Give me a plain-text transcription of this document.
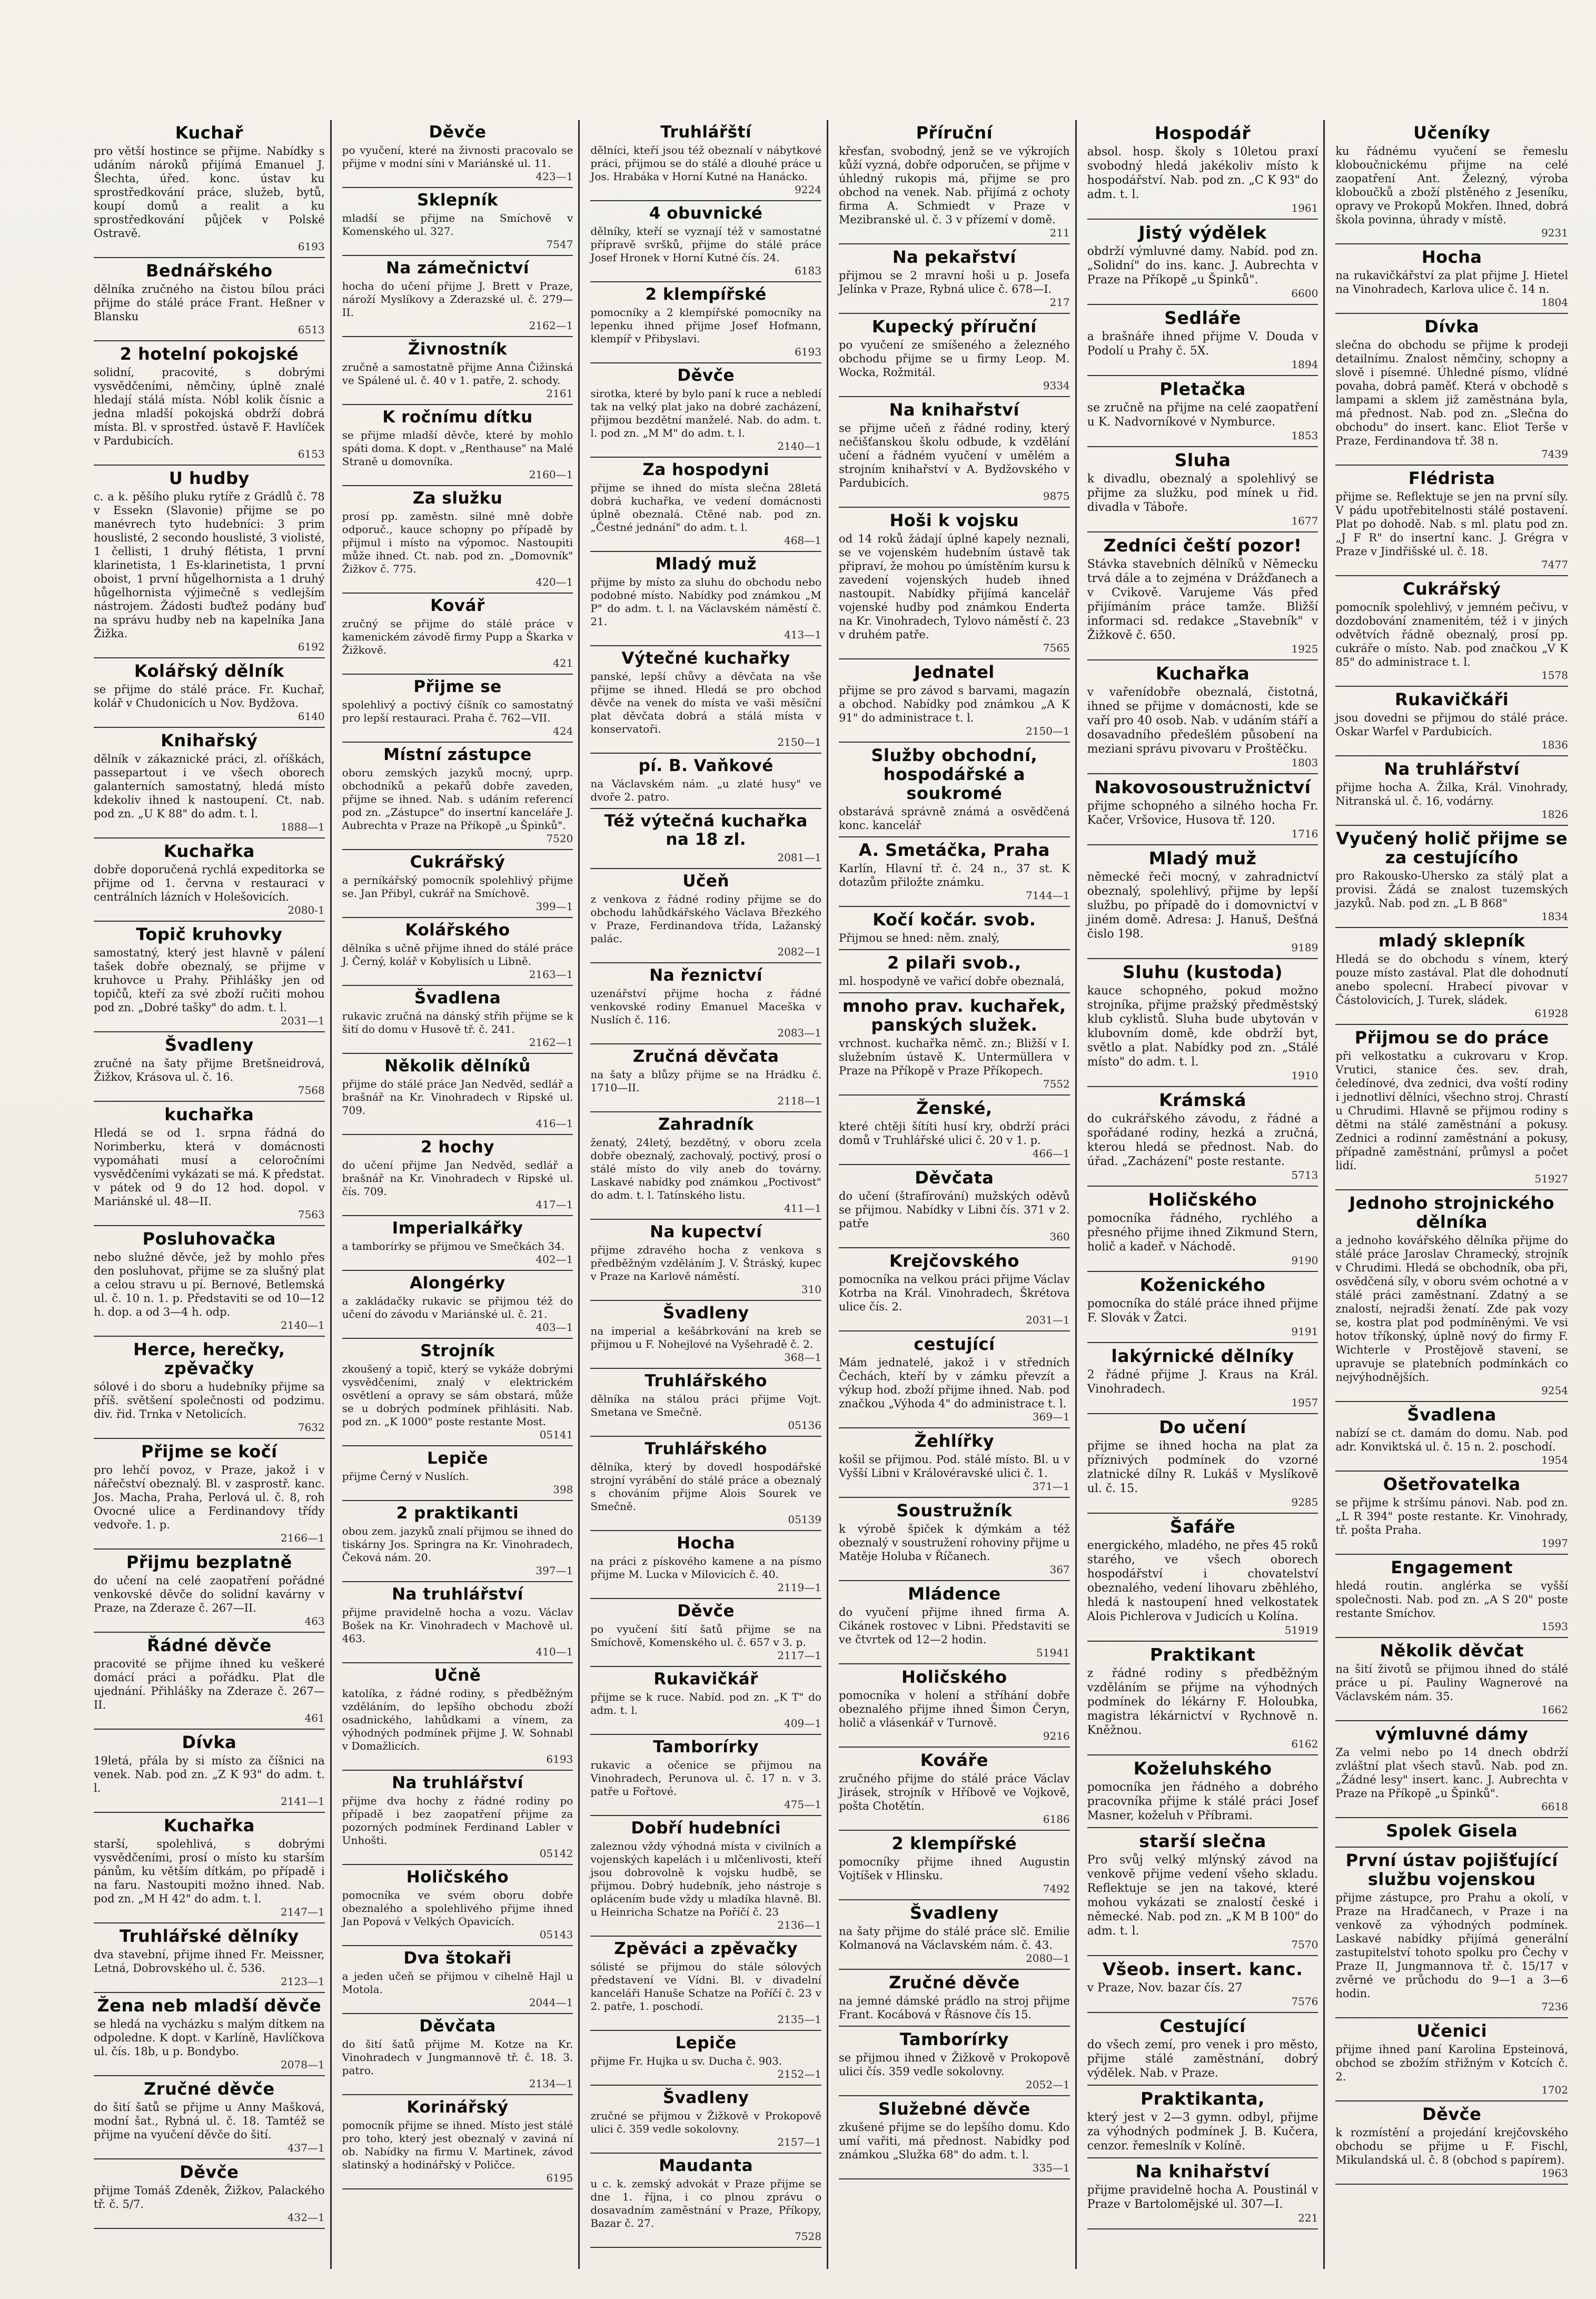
Kuchař

pro větší hostince se přijme. Nabídky s udáním nároků přijímá Emanuel J. Šlechta, úřed. konc. ústav ku sprostředkování práce, služeb, bytů, koupí domů a realit a ku sprostředkování půjček v Polské Ostravě.

6193
Bednářského

dělníka zručného na čistou bílou práci přijme do stálé práce Frant. Heßner v Blansku

6513
2 hotelní pokojské

solidní, pracovité, s dobrými vysvědčeními, němčiny, úplně znalé hledají stálá místa. Nóbl kolik čísnic a jedna mladší pokojská obdrží dobrá místa. Bl. v sprostřed. ústavě F. Havlíček v Pardubicích.

6153
U hudby

c. a k. pěšího pluku rytíře z Grádlů č. 78 v Essekn (Slavonie) přijme se po manévrech tyto hudebníci: 3 prim houslisté, 2 secondo houslisté, 3 violisté, 1 čellisti, 1 druhý flétista, 1 první klarinetista, 1 Es-klarinetista, 1 první oboist, 1 první hůgelhornista a 1 druhý hůgelhornista výjimečně s vedlejším nástrojem. Žádosti buďtež podány buď na správu hudby neb na kapelníka Jana Žižka.

6192
Kolářský dělník

se přijme do stálé práce. Fr. Kuchař, kolář v Chudonicích u Nov. Bydžova.

6140
Knihařský

dělník v zákaznické práci, zl. oříškách, passepartout i ve všech oborech galanterních samostatný, hledá místo kdekoliv ihned k nastoupení. Ct. nab. pod zn. „U K 88" do adm. t. l.

1888—1
Kuchařka

dobře doporučená rychlá expeditorka se přijme od 1. června v restauraci v centrálních lázních v Holešovicích.

2080-1
Topič kruhovky

samostatný, který jest hlavně v pálení tašek dobře obeznalý, se přijme v kruhovce u Prahy. Přihlášky jen od topičů, kteří za své zboží ručiti mohou pod zn. „Dobré tašky" do adm. t. l.

2031—1
Švadleny

zručné na šaty přijme Bretšneidrová, Žižkov, Krásova ul. č. 16.

7568
kuchařka

Hledá se od 1. srpna řádná do Norimberku, která v domácnosti vypomáhati musí a celoročními vysvědčeními vykázati se má. K předstat. v pátek od 9 do 12 hod. dopol. v Mariánské ul. 48—II.

7563
Posluhovačka

nebo služné děvče, jež by mohlo přes den posluhovat, přijme se za slušný plat a celou stravu u pí. Bernové, Betlemská ul. č. 10 n. 1. p. Představiti se od 10—12 h. dop. a od 3—4 h. odp.

2140—1
Herce, herečky, zpěvačky

sólové i do sboru a hudebníky přijme sa příš. světšení společnosti od podzimu. div. řid. Trnka v Netolicích.

7632
Přijme se kočí

pro lehčí povoz, v Praze, jakož i v nářečství obeznalý. Bl. v zasprostř. kanc. Jos. Macha, Praha, Perlová ul. č. 8, roh Ovocné ulice a Ferdinandovy třídy vedvoře. 1. p.

2166—1
Přijmu bezplatně

do učení na celé zaopatření pořádné venkovské děvče do solidní kavárny v Praze, na Zderaze č. 267—II.

463
Řádné děvče

pracovité se přijme ihned ku veškeré domácí práci a pořádku. Plat dle ujednání. Přihlášky na Zderaze č. 267—II.

461
Dívka

19letá, přála by si místo za číšnici na venek. Nab. pod zn. „Z K 93" do adm. t. l.

2141—1
Kuchařka

starší, spolehlivá, s dobrými vysvědčeními, prosí o místo ku starším pánům, ku větším dítkám, po případě i na faru. Nastoupiti možno ihned. Nab. pod zn. „M H 42" do adm. t. l.

2147—1
Truhlářské dělníky

dva stavební, přijme ihned Fr. Meissner, Letná, Dobrovského ul. č. 536.

2123—1
Žena neb mladší děvče

se hledá na vycházku s malým dítkem na odpoledne. K dopt. v Karlíně, Havlíčkova ul. čís. 18b, u p. Bondybo.

2078—1
Zručné děvče

do šití šatů se přijme u Anny Mašková, modní šat., Rybná ul. č. 18. Tamtéž se přijme na vyučení děvče do šití.

437—1
Děvče

přijme Tomáš Zdeněk, Žižkov, Palackého tř. č. 5/7.

432—1
Děvče

po vyučení, které na živnosti pracovalo se přijme v modní síni v Mariánské ul. 11.

423—1
Sklepník

mladší se přijme na Smíchově v Komenského ul. 327.

7547
Na zámečnictví

hocha do učení přijme J. Brett v Praze, nároží Myslíkovy a Zderazské ul. č. 279—II.

2162—1
Živnostník

zručně a samostatně přijme Anna Čižinská ve Spálené ul. č. 40 v 1. patře, 2. schody.

2161
K ročnímu dítku

se přijme mladší děvče, které by mohlo spáti doma. K dopt. v „Renthause" na Malé Straně u domovníka.

2160—1
Za služku

prosí pp. zaměstn. silné mně dobře odporuč., kauce schopny po případě by přijmul i místo na výpomoc. Nastoupiti může ihned. Ct. nab. pod zn. „Domovník" Žižkov č. 775.

420—1
Kovář

zručný se přijme do stálé práce v kamenickém závodě firmy Pupp a Škarka v Žižkově.

421
Přijme se

spolehlivý a poctivý číšník co samostatný pro lepší restauraci. Praha č. 762—VII.

424
Místní zástupce

oboru zemských jazyků mocný, uprp. obchodníků a pekařů dobře zaveden, přijme se ihned. Nab. s udáním referencí pod zn. „Zástupce" do insertní kanceláře J. Aubrechta v Praze na Příkopě „u Špinků".

7520
Cukrářský

a perníkářský pomocník spolehlivý přijme se. Jan Přibyl, cukrář na Smíchově.

399—1
Kolářského

dělníka s učně přijme ihned do stálé práce J. Černý, kolář v Kobylisích u Libně.

2163—1
Švadlena

rukavic zručná na dánský střih přijme se k šití do domu v Husově tř. č. 241.

2162—1
Několik dělníků

přijme do stálé práce Jan Nedvěd, sedlář a brašnář na Kr. Vinohradech v Ripské ul. 709.

416—1
2 hochy

do učení přijme Jan Nedvěd, sedlář a brašnář na Kr. Vinohradech v Ripské ul. čís. 709.

417—1
Imperialkářky

a tamborírky se přijmou ve Smečkách 34.

402—1
Alongérky

a zakládačky rukavic se přijmou též do učení do závodu v Mariánské ul. č. 21.

403—1
Strojník

zkoušený a topič, který se vykáže dobrými vysvědčeními, znalý v elektrickém osvětlení a opravy se sám obstará, může se u dobrých podmínek přihlásiti. Nab. pod zn. „K 1000" poste restante Most.

05141
Lepiče

přijme Černý v Nuslích.

398
2 praktikanti

obou zem. jazyků znalí přijmou se ihned do tiskárny Jos. Springra na Kr. Vinohradech, Čeková nám. 20.

397—1
Na truhlářství

přijme pravidelně hocha a vozu. Václav Bošek na Kr. Vinohradech v Machově ul. 463.

410—1
Učně

katolíka, z řádné rodiny, s předběžným vzděláním, do lepšího obchodu zboží osadnického, lahůdkami a vínem, za výhodných podmínek přijme J. W. Sohnabl v Domažlicích.

6193
Na truhlářství

přijme dva hochy z řádné rodiny po případě i bez zaopatření přijme za pozorných podmínek Ferdinand Labler v Unhošti.

05142
Holičského

pomocníka ve svém oboru dobře obeznalého a spolehlivého přijme ihned Jan Popová v Velkých Opavicích.

05143
Dva štokaři

a jeden učeň se přijmou v cihelně Hajl u Motola.

2044—1
Děvčata

do šití šatů přijme M. Kotze na Kr. Vinohradech v Jungmannově tř. č. 18. 3. patro.

2134—1
Korinářský

pomocník přijme se ihned. Místo jest stálé pro toho, který jest obeznalý v zaviná ní ob. Nabídky na firmu V. Martinek, závod slatinský a hodinářský v Poličce.

6195
Truhlářští

dělníci, kteří jsou též obeznalí v nábytkové práci, přijmou se do stálé a dlouhé práce u Jos. Hrabáka v Horní Kutné na Hanácko.

9224
4 obuvnické

dělníky, kteří se vyznají též v samostatné přípravě svršků, přijme do stálé práce Josef Hronek v Horní Kutné čís. 24.

6183
2 klempířské

pomocníky a 2 klempířské pomocníky na lepenku ihned přijme Josef Hofmann, klempíř v Přibyslavi.

6193
Děvče

sirotka, které by bylo paní k ruce a nebledí tak na velký plat jako na dobré zacházení, přijmou bezdětní manželé. Nab. do adm. t. l. pod zn. „M M" do adm. t. l.

2140—1
Za hospodyni

přijme se ihned do místa slečna 28letá dobrá kuchařka, ve vedení domácnosti úplně obeznalá. Ctěné nab. pod zn. „Čestné jednání" do adm. t. l.

468—1
Mladý muž

přijme by místo za sluhu do obchodu nebo podobné místo. Nabídky pod známkou „M P" do adm. t. l. na Václavském náměstí č. 21.

413—1
Výtečné kuchařky

panské, lepší chůvy a děvčata na vše přijme se ihned. Hledá se pro obchod děvče na venek do místa ve vaši měsíční plat děvčata dobrá a stálá místa v konservatoři.

2150—1
pí. B. Vaňkové

na Václavském nám. „u zlaté husy" ve dvoře 2. patro.

Též výtečná kuchařka na 18 zl.

2081—1
Učeň

z venkova z řádné rodiny přijme se do obchodu lahůdkářského Václava Březkého v Praze, Ferdinandova třída, Lažanský palác.

2082—1
Na řeznictví

uzenářství přijme hocha z řádné venkovské rodiny Emanuel Maceška v Nuslích č. 116.

2083—1
Zručná děvčata

na šaty a blůzy přijme se na Hrádku č. 1710—II.

2118—1
Zahradník

ženatý, 24letý, bezdětný, v oboru zcela dobře obeznalý, zachovalý, poctivý, prosí o stálé místo do vily aneb do továrny. Laskavé nabídky pod známkou „Poctivost" do adm. t. l. Tatínského listu.

411—1
Na kupectví

přijme zdravého hocha z venkova s předběžným vzděláním J. V. Štráský, kupec v Praze na Karlově náměstí.

310
Švadleny

na imperial a kešábrkování na kreb se přijmou u F. Nohejlové na Vyšehradě č. 2.

368—1
Truhlářského

dělníka na stálou práci přijme Vojt. Smetana ve Smečně.

05136
Truhlářského

dělníka, který by dovedl hospodářské strojní vyrábění do stálé práce a obeznalý s chováním přijme Alois Sourek ve Smečně.

05139
Hocha

na práci z pískového kamene a na písmo přijme M. Lucka v Milovicích č. 40.

2119—1
Děvče

po vyučení šití šatů přijme se na Smíchově, Komenského ul. č. 657 v 3. p.

2117—1
Rukavičkář

přijme se k ruce. Nabíd. pod zn. „K T" do adm. t. l.

409—1
Tamborírky

rukavic a očenice se přijmou na Vinohradech, Perunova ul. č. 17 n. v 3. patře u Fořtové.

475—1
Dobří hudebníci

zaleznou vždy výhodná místa v civilních a vojenských kapelách i u mlčenlivosti, kteří jsou dobrovolně k vojsku hudbě, se přijmou. Dobrý hudebník, jeho nástroje s oplácením bude vždy u mladíka hlavně. Bl. u Heinricha Schatze na Poříčí č. 23

2136—1
Zpěváci a zpěvačky

sólisté se přijmou do stále sólových představení ve Vídni. Bl. v divadelní kanceláři Hanuše Schatze na Poříčí č. 23 v 2. patře, 1. poschodí.

2135—1
Lepiče

přijme Fr. Hujka u sv. Ducha č. 903.

2152—1
Švadleny

zručné se přijmou v Žižkově v Prokopově ulici č. 359 vedle sokolovny.

2157—1
Maudanta

u c. k. zemský advokát v Praze přijme se dne 1. října, i co plnou zprávu o dosavadním zaměstnání v Praze, Příkopy, Bazar č. 27.

7528
Příruční

křesťan, svobodný, jenž se ve výkrojích kůží vyzná, dobře odporučen, se přijme v úhledný rukopis má, přijme se pro obchod na venek. Nab. přijímá z ochoty firma A. Schmiedt v Praze v Mezibranské ul. č. 3 v přízemí v domě.

211
Na pekařství

přijmou se 2 mravní hoši u p. Josefa Jelínka v Praze, Rybná ulice č. 678—I.

217
Kupecký příruční

po vyučení ze smíšeného a železného obchodu přijme se u firmy Leop. M. Wocka, Rožmitál.

9334
Na knihařství

se přijme učeň z řádné rodiny, který nečišťanskou školu odbude, k vzdělání učení a řádném vyučení v umělém a strojním knihařství v A. Bydžovského v Pardubicích.

9875
Hoši k vojsku

od 14 roků žádají úplné kapely neznali, se ve vojenském hudebním ústavě tak připraví, že mohou po úmístěním kursu k zavedení vojenských hudeb ihned nastoupit. Nabídky přijímá kancelář vojenské hudby pod známkou Enderta na Kr. Vinohradech, Tylovo náměstí č. 23 v druhém patře.

7565
Jednatel

přijme se pro závod s barvami, magazín a obchod. Nabídky pod známkou „A K 91" do administrace t. l.

2150—1
Služby obchodní, hospodářské a soukromé

obstarává správně známá a osvědčená konc. kancelář

A. Smetáčka, Praha

Karlín, Hlavní tř. č. 24 n., 37 st. K dotazům přiložte známku.

7144—1
Kočí kočár. svob.

Přijmou se hned: něm. znalý,

2 pilaři svob.,

ml. hospodyně ve vařicí dobře obeznalá,

mnoho prav. kuchařek, panských služek.

vrchnost. kuchařka němč. zn.; Bližší v I. služebním ústavě K. Untermüllera v Praze na Příkopě v Praze Příkopech.

7552
Ženské,

které chtěji šítíti husí kry, obdrží práci domů v Truhlářské ulici č. 20 v 1. p.

466—1
Děvčata

do učení (štrafírování) mužských oděvů se přijmou. Nabídky v Libni čís. 371 v 2. patře

360
Krejčovského

pomocníka na velkou práci přijme Václav Kotrba na Král. Vinohradech, Škrétova ulice čís. 2.

2031—1
cestující

Mám jednatelé, jakož i v středních Čechách, kteří by v zámku převzít a výkup hod. zboží přijme ihned. Nab. pod značkou „Výhoda 4" do administrace t. l.

369—1
Žehlířky

košil se přijmou. Pod. stálé místo. Bl. u v Vyšší Libni v Královéravské ulici č. 1.

371—1
Soustružník

k výrobě špiček k dýmkám a též obeznalý v soustružení rohoviny přijme u Matěje Holuba v Říčanech.

367
Mládence

do vyučení přijme ihned firma A. Cikánek rostovec v Libni. Představiti se ve čtvrtek od 12—2 hodin.

51941
Holičského

pomocníka v holení a stříhání dobře obeznalého přijme ihned Šimon Čeryn, holič a vlásenkář v Turnově.

9216
Kováře

zručného přijme do stálé práce Václav Jirásek, strojník v Hříbově ve Vojkově, pošta Chotětín.

6186
2 klempířské

pomocníky přijme ihned Augustin Vojtíšek v Hlinsku.

7492
Švadleny

na šaty přijme do stálé práce slč. Emilie Kolmanová na Václavském nám. č. 43.

2080—1
Zručné děvče

na jemné dámské prádlo na stroj přijme Frant. Kocábová v Řásnove čís 15.

Tamborírky

se přijmou ihned v Žižkově v Prokopově ulici čís. 359 vedle sokolovny.

2052—1
Služebné děvče

zkušené přijme se do lepšího domu. Kdo umí vařiti, má přednost. Nabídky pod známkou „Služka 68" do adm. t. l.

335—1
Hospodář

absol. hosp. školy s 10letou praxí svobodný hledá jakékoliv místo k hospodářství. Nab. pod zn. „C K 93" do adm. t. l.

1961
Jistý výdělek

obdrží výmluvné damy. Nabíd. pod zn. „Solidní" do ins. kanc. J. Aubrechta v Praze na Příkopě „u Špinků".

6600
Sedláře

a brašnáře ihned přijme V. Douda v Podolí u Prahy č. 5X.

1894
Pletačka

se zručně na přijme na celé zaopatření u K. Nadvorníkové v Nymburce.

1853
Sluha

k divadlu, obeznalý a spolehlivý se přijme za služku, pod mínek u řid. divadla v Táboře.

1677
Zedníci čeští pozor!

Stávka stavebních dělníků v Německu trvá dále a to zejména v Drážďanech a v Cvikově. Varujeme Vás před přijímáním práce tamže. Bližší informaci sd. redakce „Stavebník" v Žižkově č. 650.

1925
Kuchařka

v vařenídobře obeznalá, čistotná, ihned se přijme v domácnosti, kde se vaří pro 40 osob. Nab. v udáním stáří a dosavadního předešlém působení na meziani správu pivovaru v Proštěčku.

1803
Nakovosoustružnictví

přijme schopného a silného hocha Fr. Kačer, Vršovice, Husova tř. 120.

1716
Mladý muž

německé řeči mocný, v zahradnictví obeznalý, spolehlivý, přijme by lepší službu, po případě do i domovnictví v jiném domě. Adresa: J. Hanuš, Dešťná čislo 198.

9189
Sluhu (kustoda)

kauce schopného, pokud možno strojníka, přijme pražský předměstský klub cyklistů. Sluha bude ubytován v klubovním domě, kde obdrží byt, světlo a plat. Nabídky pod zn. „Stálé místo" do adm. t. l.

1910
Krámská

do cukrářského závodu, z řádné a spořádané rodiny, hezká a zručná, kterou hledá se přednost. Nab. do úřad. „Zacházení" poste restante.

5713
Holičského

pomocníka řádného, rychlého a přesného přijme ihned Zikmund Stern, holič a kadeř. v Náchodě.

9190
Koženického

pomocníka do stálé práce ihned přijme F. Slovák v Žatci.

9191
lakýrnické dělníky

2 řádné přijme J. Kraus na Král. Vinohradech.

1957
Do učení

přijme se ihned hocha na plat za příznivých podmínek do vzorné zlatnické dílny R. Lukáš v Myslíkově ul. č. 15.

9285
Šafáře

energického, mladého, ne přes 45 roků starého, ve všech oborech hospodářství i chovatelství obeznalého, vedení lihovaru zběhlého, hledá k nastoupení hned velkostatek Alois Pichlerova v Judicích u Kolína.

51919
Praktikant

z řádné rodiny s předběžným vzděláním se přijme na výhodných podmínek do lékárny F. Holoubka, magistra lékárnictví v Rychnově n. Kněžnou.

6162
Koželuhského

pomocníka jen řádného a dobrého pracovníka přijme k stálé práci Josef Masner, koželuh v Příbrami.

starší slečna

Pro svůj velký mlýnský závod na venkově přijme vedení všeho skladu. Reflektuje se jen na takové, které mohou vykázati se znalostí české i německé. Nab. pod zn. „K M B 100" do adm. t. l.

7570
Všeob. insert. kanc.

v Praze, Nov. bazar čís. 27

7576
Cestující

do všech zemí, pro venek i pro město, přijme stálé zaměstnání, dobrý výdělek. Nab. v Praze.

Praktikanta,

který jest v 2—3 gymn. odbyl, přijme za výhodných podmínek J. B. Kučera, cenzor. řemeslník v Kolíně.

Na knihařství

přijme pravidelně hocha A. Poustinál v Praze v Bartolomějské ul. 307—I.

221
Učeníky

ku řádnému vyučení se řemeslu kloboučnickému přijme na celé zaopatření Ant. Železný, výroba kloboučků a zboží plstěného z Jeseníku, opravy ve Prokopů Mokřen. Ihned, dobrá škola povinna, úhrady v místě.

9231
Hocha

na rukavičkářství za plat přijme J. Hietel na Vinohradech, Karlova ulice č. 14 n.

1804
Dívka

slečna do obchodu se přijme k prodeji detailnímu. Znalost němčiny, schopny a slově i písemné. Úhledné písmo, vlídné povaha, dobrá paměť. Která v obchodě s lampami a sklem již zaměstnána byla, má přednost. Nab. pod zn. „Slečna do obchodu" do insert. kanc. Eliot Terše v Praze, Ferdinandova tř. 38 n.

7439
Flédrista

přijme se. Reflektuje se jen na první síly. V pádu upotřebitelnosti stálé postavení. Plat po dohodě. Nab. s ml. platu pod zn. „J F R" do insertní kanc. J. Grégra v Praze v Jindřišské ul. č. 18.

7477
Cukrářský

pomocník spolehlivý, v jemném pečivu, v dozdobování znamenitém, též i v jiných odvětvích řádně obeznalý, prosí pp. cukráře o místo. Nab. pod značkou „V K 85" do administrace t. l.

1578
Rukavičkáři

jsou dovedni se přijmou do stálé práce. Oskar Warfel v Pardubicích.

1836
Na truhlářství

přijme hocha A. Žilka, Král. Vinohrady, Nitranská ul. č. 16, vodárny.

1826
Vyučený holič přijme se za cestujícího

pro Rakousko-Uhersko za stálý plat a provisi. Žádá se znalost tuzemských jazyků. Nab. pod zn. „L B 868"

1834
mladý sklepník

Hledá se do obchodu s vínem, který pouze místo zastával. Plat dle dohodnutí anebo spolecní. Hrabecí pivovar v Částolovicích, J. Turek, sládek.

61928
Přijmou se do práce

při velkostatku a cukrovaru v Krop. Vrutici, stanice čes. sev. drah, čeledínové, dva zednici, dva voští rodiny i jednotliví dělníci, všechno stroj. Chrastí u Chrudimi. Hlavně se přijmou rodiny s dětmi na stálé zaměstnání a pokusy. Zednici a rodinní zaměstnání a pokusy, případně zaměstnání, průmysl a počet lidí.

51927
Jednoho strojnického dělníka

a jednoho kovářského dělníka přijme do stálé práce Jaroslav Chramecký, strojník v Chrudimi. Hledá se obchodník, oba při, osvědčená síly, v oboru svém ochotné a v stálé práci zaměstnaní. Zdatný a se znalostí, nejradši ženatí. Zde pak vozy se, kostra plat pod podmíněnými. Ve vsi hotov tříkonský, úplně nový do firmy F. Wichterle v Prostějově stavení, se upravuje se platebních podmínkách co nejvýhodnějších.

9254
Švadlena

nabízí se ct. damám do domu. Nab. pod adr. Konviktská ul. č. 15 n. 2. poschodí.

1954
Ošetřovatelka

se přijme k stršímu pánovi. Nab. pod zn. „L R 394" poste restante. Kr. Vinohrady, tř. pošta Praha.

1997
Engagement

hledá routin. anglérka se vyšší společnosti. Nab. pod zn. „A S 20" poste restante Smíchov.

1593
Několik děvčat

na šití životů se přijmou ihned do stálé práce u pí. Pauliny Wagnerové na Václavském nám. 35.

1662
výmluvné dámy

Za velmi nebo po 14 dnech obdrží zvláštní plat všech stavů. Nab. pod zn. „Žádné lesy" insert. kanc. J. Aubrechta v Praze na Příkopě „u Špinků".

6618
Spolek Gisela

První ústav pojišťující službu vojenskou

přijme zástupce, pro Prahu a okolí, v Praze na Hradčanech, v Praze i na venkově za výhodných podmínek. Laskavé nabídky přijímá generální zastupitelství tohoto spolku pro Čechy v Praze II, Jungmannova tř. č. 15/17 v zvěrné ve průchodu do 9—1 a 3—6 hodin.

7236
Učenici

přijme ihned paní Karolina Epsteinová, obchod se zbožím střižným v Kotcích č. 2.

1702
Děvče

k rozmístění a projedání krejčovského obchodu se přijme u F. Fischl, Mikulandská ul. č. 8 (obchod s papírem).

1963
